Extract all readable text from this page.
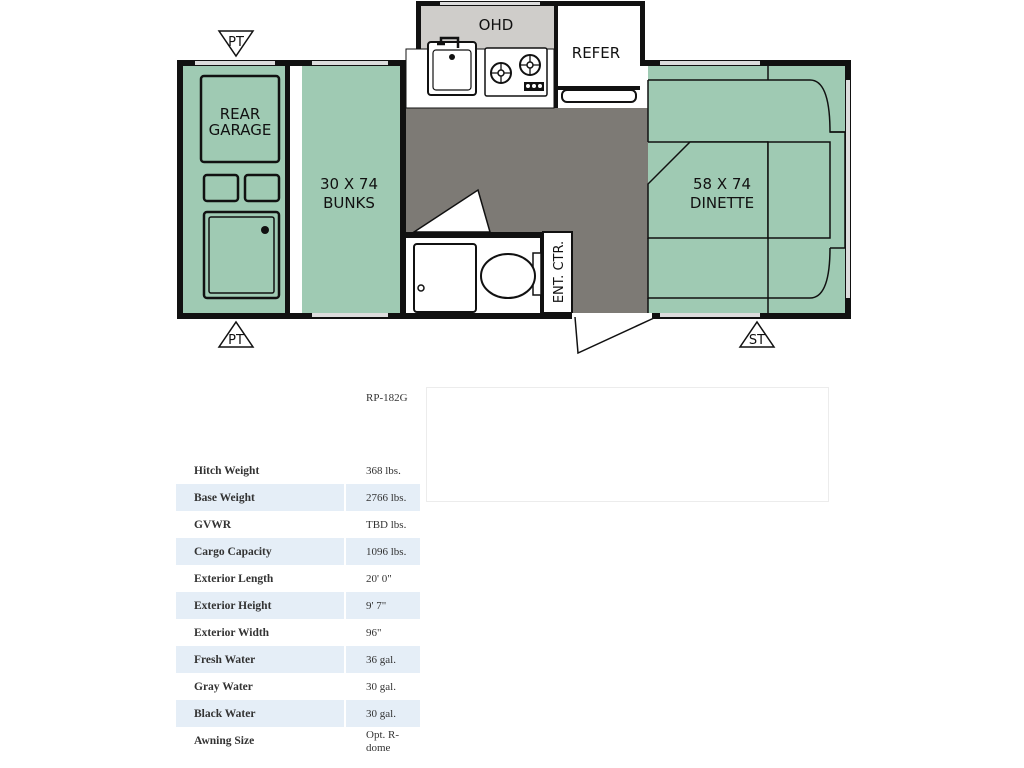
REAR
GARAGE
30 X 74
BUNKS
OHD
REFER
58 X 74
DINETTE
ENT. CTR.
PT
PT	ST
	RP-182G
Hitch Weight	368 lbs.
Base Weight	2766 lbs.
GVWR	TBD lbs.
Cargo Capacity	1096 lbs.
Exterior Length	20' 0"
Exterior Height	9' 7"
Exterior Width	96"
Fresh Water	36 gal.
Gray Water	30 gal.
Black Water	30 gal.
Awning Size	Opt. R-dome
